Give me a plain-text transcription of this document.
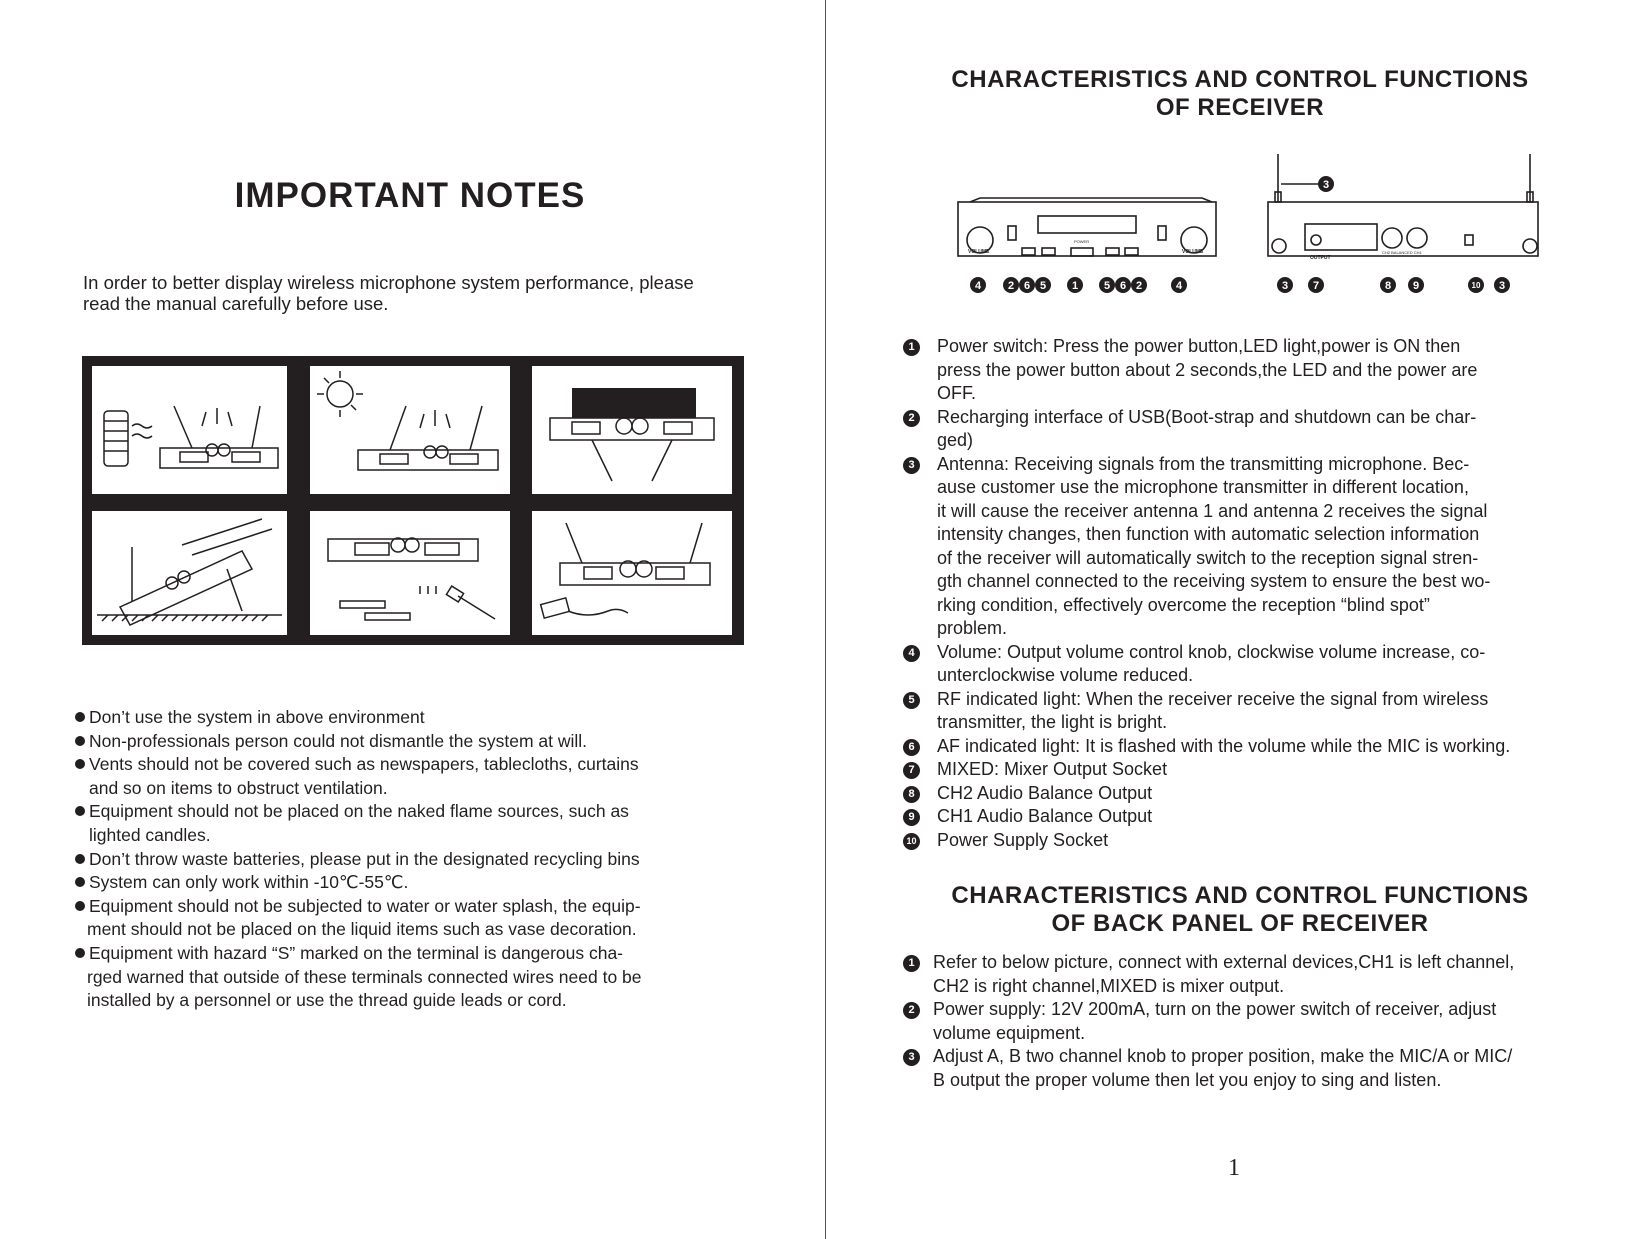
IMPORTANT NOTES
In order to better display wireless microphone system performance, please
read the manual carefully before use.
Don’t use the system in above environment
Non-professionals person could not dismantle the system at will.
Vents should not be covered such as newspapers, tablecloths, curtains
and so on items to obstruct ventilation.
Equipment should not be placed on the naked flame sources, such as
lighted candles.
Don’t throw waste batteries, please put in the designated recycling bins
System can only work within -10℃-55℃.
Equipment should not be subjected to water or water splash, the equip-
ment should not be placed on the liquid items such as vase decoration.
Equipment with hazard “S” marked on the terminal is dangerous cha-
rged warned that outside of these terminals connected wires need to be
installed by a personnel or use the thread guide leads or cord.
CHARACTERISTICS AND CONTROL FUNCTIONS
OF RECEIVER
VOLUME	VOLUME
POWER
OUTPUT
CH2 BALANCED CH1
3
4 2 6 5 1 5 6 2	4	3 7	8 9	10 3
1	Power switch: Press the power button,LED light,power is ON then
press the power button about 2 seconds,the LED and the power are
OFF.
2	Recharging interface of USB(Boot-strap and shutdown can be char-
ged)
3	Antenna: Receiving signals from the transmitting microphone. Bec-
ause customer use the microphone transmitter in different location,
it will cause the receiver antenna 1 and antenna 2 receives the signal
intensity changes, then function with automatic selection information
of the receiver will automatically switch to the reception signal stren-
gth channel connected to the receiving system to ensure the best wo-
rking condition, effectively overcome the reception “blind spot”
problem.
4	Volume: Output volume control knob, clockwise volume increase, co-
unterclockwise volume reduced.
5	RF indicated light: When the receiver receive the signal from wireless
transmitter, the light is bright.
6	AF indicated light: It is flashed with the volume while the MIC is working.
7	MIXED: Mixer Output Socket
8	CH2 Audio Balance Output
9	CH1 Audio Balance Output
10 Power Supply Socket
CHARACTERISTICS AND CONTROL FUNCTIONS
OF BACK PANEL OF RECEIVER
1	Refer to below picture, connect with external devices,CH1 is left channel,
CH2 is right channel,MIXED is mixer output.
2	Power supply: 12V 200mA, turn on the power switch of receiver, adjust
volume equipment.
3	Adjust A, B two channel knob to proper position, make the MIC/A or MIC/
B output the proper volume then let you enjoy to sing and listen.
1
